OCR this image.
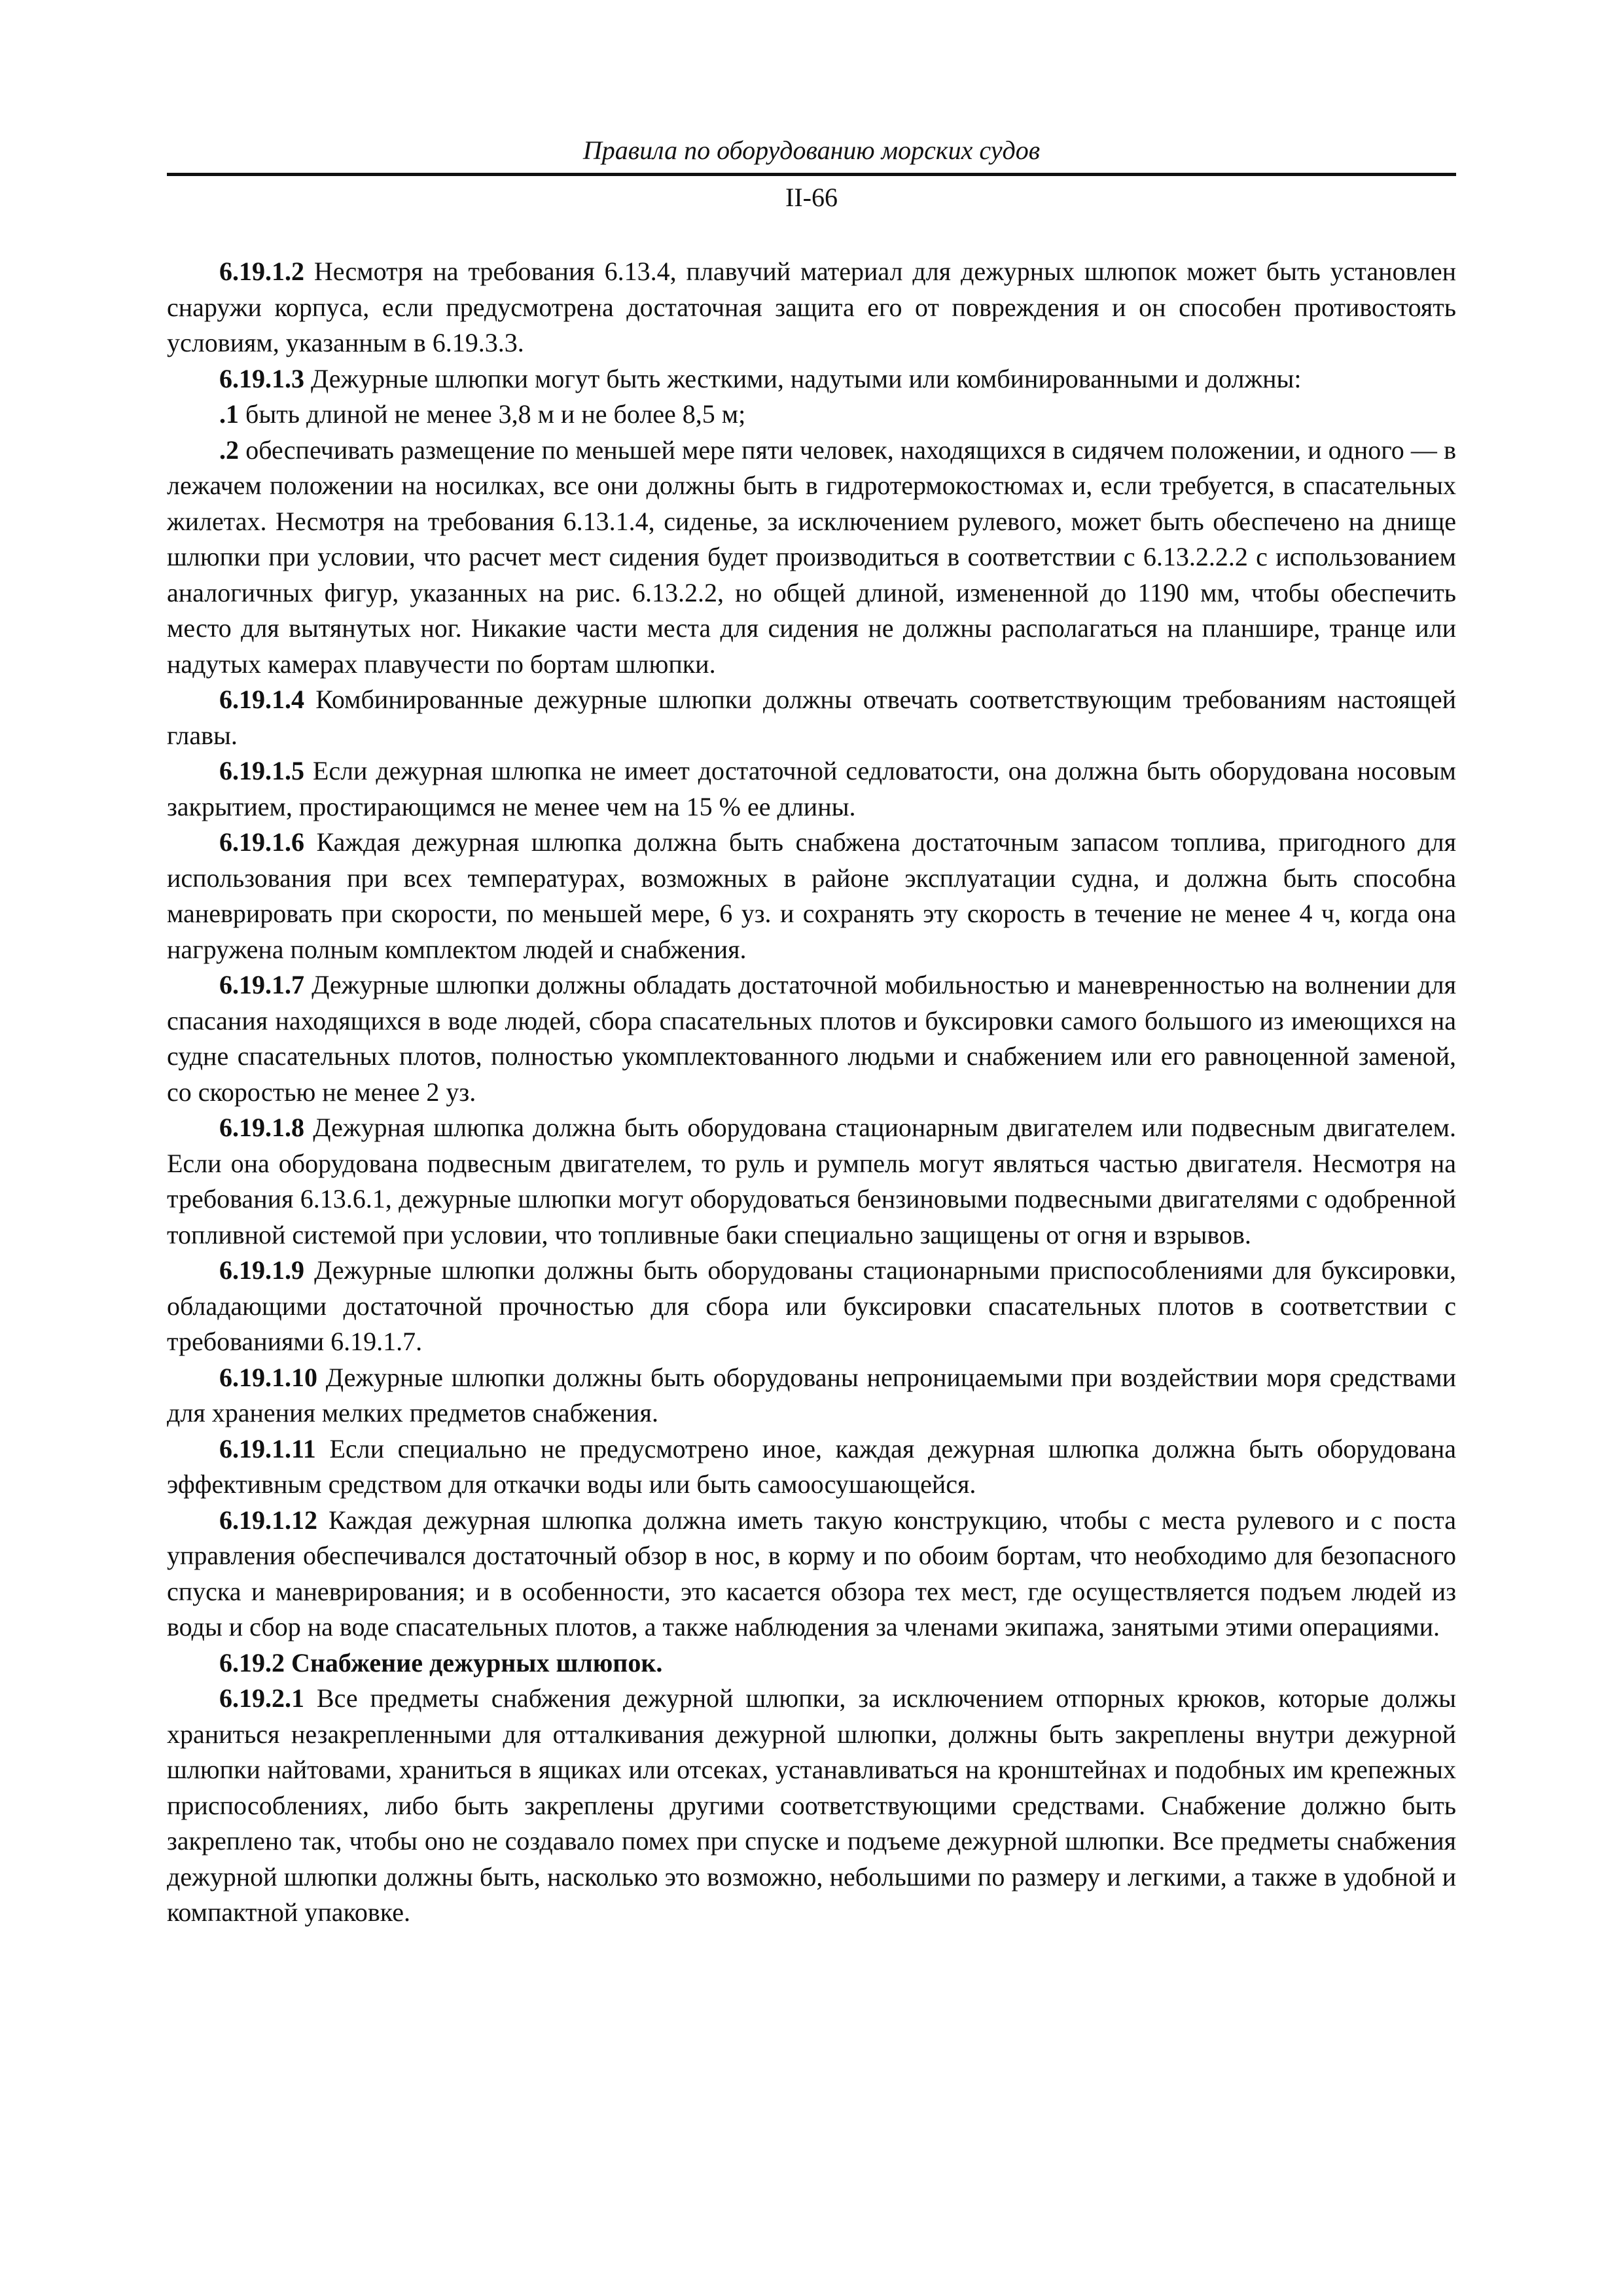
Правила по оборудованию морских судов
II-66

6.19.1.2 Несмотря на требования 6.13.4, плавучий материал для дежурных шлюпок может быть установлен снаружи корпуса, если предусмотрена достаточная защита его от повреждения и он способен противостоять условиям, указанным в 6.19.3.3.

6.19.1.3 Дежурные шлюпки могут быть жесткими, надутыми или комбинированными и должны:

.1 быть длиной не менее 3,8 м и не более 8,5 м;

.2 обеспечивать размещение по меньшей мере пяти человек, находящихся в сидячем положении, и одного — в лежачем положении на носилках, все они должны быть в гидротермокостюмах и, если требуется, в спасательных жилетах. Несмотря на требования 6.13.1.4, сиденье, за исключением рулевого, может быть обеспечено на днище шлюпки при условии, что расчет мест сидения будет производиться в соответствии с 6.13.2.2.2 с использованием аналогичных фигур, указанных на рис. 6.13.2.2, но общей длиной, измененной до 1190 мм, чтобы обеспечить место для вытянутых ног. Никакие части места для сидения не должны располагаться на планшире, транце или надутых камерах плавучести по бортам шлюпки.

6.19.1.4 Комбинированные дежурные шлюпки должны отвечать соответствующим требованиям настоящей главы.

6.19.1.5 Если дежурная шлюпка не имеет достаточной седловатости, она должна быть оборудована носовым закрытием, простирающимся не менее чем на 15 % ее длины.

6.19.1.6 Каждая дежурная шлюпка должна быть снабжена достаточным запасом топлива, пригодного для использования при всех температурах, возможных в районе эксплуатации судна, и должна быть способна маневрировать при скорости, по меньшей мере, 6 уз. и сохранять эту скорость в течение не менее 4 ч, когда она нагружена полным комплектом людей и снабжения.

6.19.1.7 Дежурные шлюпки должны обладать достаточной мобильностью и маневренностью на волнении для спасания находящихся в воде людей, сбора спасательных плотов и буксировки самого большого из имеющихся на судне спасательных плотов, полностью укомплектованного людьми и снабжением или его равноценной заменой, со скоростью не менее 2 уз.

6.19.1.8 Дежурная шлюпка должна быть оборудована стационарным двигателем или подвесным двигателем. Если она оборудована подвесным двигателем, то руль и румпель могут являться частью двигателя. Несмотря на требования 6.13.6.1, дежурные шлюпки могут оборудоваться бензиновыми подвесными двигателями с одобренной топливной системой при условии, что топливные баки специально защищены от огня и взрывов.

6.19.1.9 Дежурные шлюпки должны быть оборудованы стационарными приспособлениями для буксировки, обладающими достаточной прочностью для сбора или буксировки спасательных плотов в соответствии с требованиями 6.19.1.7.

6.19.1.10 Дежурные шлюпки должны быть оборудованы непроницаемыми при воздействии моря средствами для хранения мелких предметов снабжения.

6.19.1.11 Если специально не предусмотрено иное, каждая дежурная шлюпка должна быть оборудована эффективным средством для откачки воды или быть самоосушающейся.

6.19.1.12 Каждая дежурная шлюпка должна иметь такую конструкцию, чтобы с места рулевого и с поста управления обеспечивался достаточный обзор в нос, в корму и по обоим бортам, что необходимо для безопасного спуска и маневрирования; и в особенности, это касается обзора тех мест, где осуществляется подъем людей из воды и сбор на воде спасательных плотов, а также наблюдения за членами экипажа, занятыми этими операциями.

6.19.2 Снабжение дежурных шлюпок.

6.19.2.1 Все предметы снабжения дежурной шлюпки, за исключением отпорных крюков, которые должы храниться незакрепленными для отталкивания дежурной шлюпки, должны быть закреплены внутри дежурной шлюпки найтовами, храниться в ящиках или отсеках, устанавливаться на кронштейнах и подобных им крепежных приспособлениях, либо быть закреплены другими соответствующими средствами. Снабжение должно быть закреплено так, чтобы оно не создавало помех при спуске и подъеме дежурной шлюпки. Все предметы снабжения дежурной шлюпки должны быть, насколько это возможно, небольшими по размеру и легкими, а также в удобной и компактной упаковке.
